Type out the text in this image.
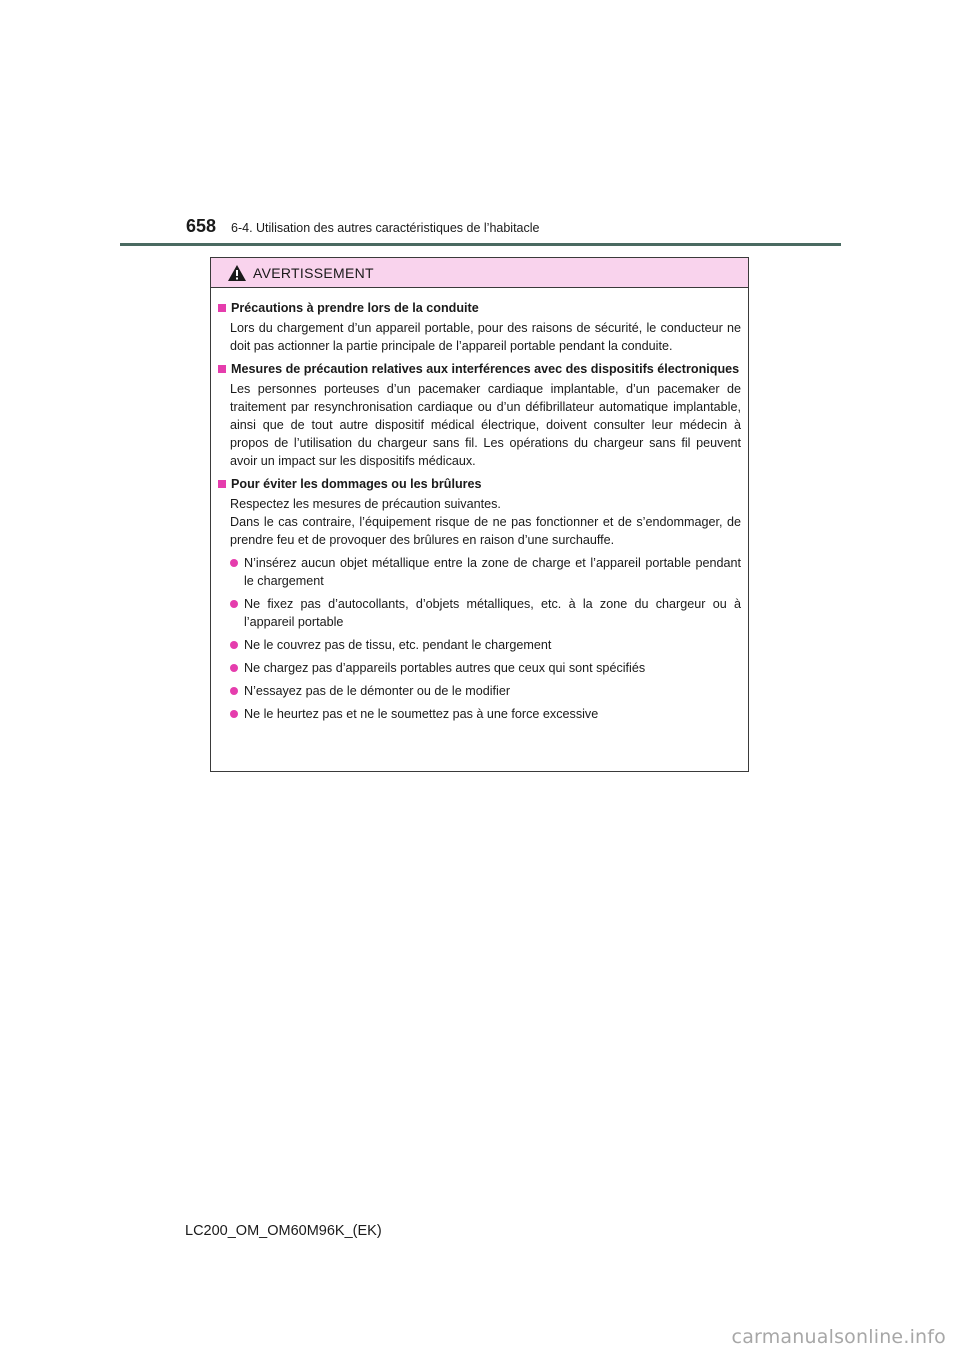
658 6-4. Utilisation des autres caractéristiques de l’habitacle
AVERTISSEMENT
Précautions à prendre lors de la conduite
Lors du chargement d’un appareil portable, pour des raisons de sécurité, le conducteur ne doit pas actionner la partie principale de l’appareil portable pendant la conduite.
Mesures de précaution relatives aux interférences avec des dispositifs électroniques
Les personnes porteuses d’un pacemaker cardiaque implantable, d’un pacemaker de traitement par resynchronisation cardiaque ou d’un défibrillateur automatique implantable, ainsi que de tout autre dispositif médical électrique, doivent consulter leur médecin à propos de l’utilisation du chargeur sans fil. Les opérations du chargeur sans fil peuvent avoir un impact sur les dispositifs médicaux.
Pour éviter les dommages ou les brûlures
Respectez les mesures de précaution suivantes.
Dans le cas contraire, l’équipement risque de ne pas fonctionner et de s’endommager, de prendre feu et de provoquer des brûlures en raison d’une surchauffe.
N’insérez aucun objet métallique entre la zone de charge et l’appareil portable pendant le chargement
Ne fixez pas d’autocollants, d’objets métalliques, etc. à la zone du chargeur ou à l’appareil portable
Ne le couvrez pas de tissu, etc. pendant le chargement
Ne chargez pas d’appareils portables autres que ceux qui sont spécifiés
N’essayez pas de le démonter ou de le modifier
Ne le heurtez pas et ne le soumettez pas à une force excessive
LC200_OM_OM60M96K_(EK)
carmanualsonline.info
